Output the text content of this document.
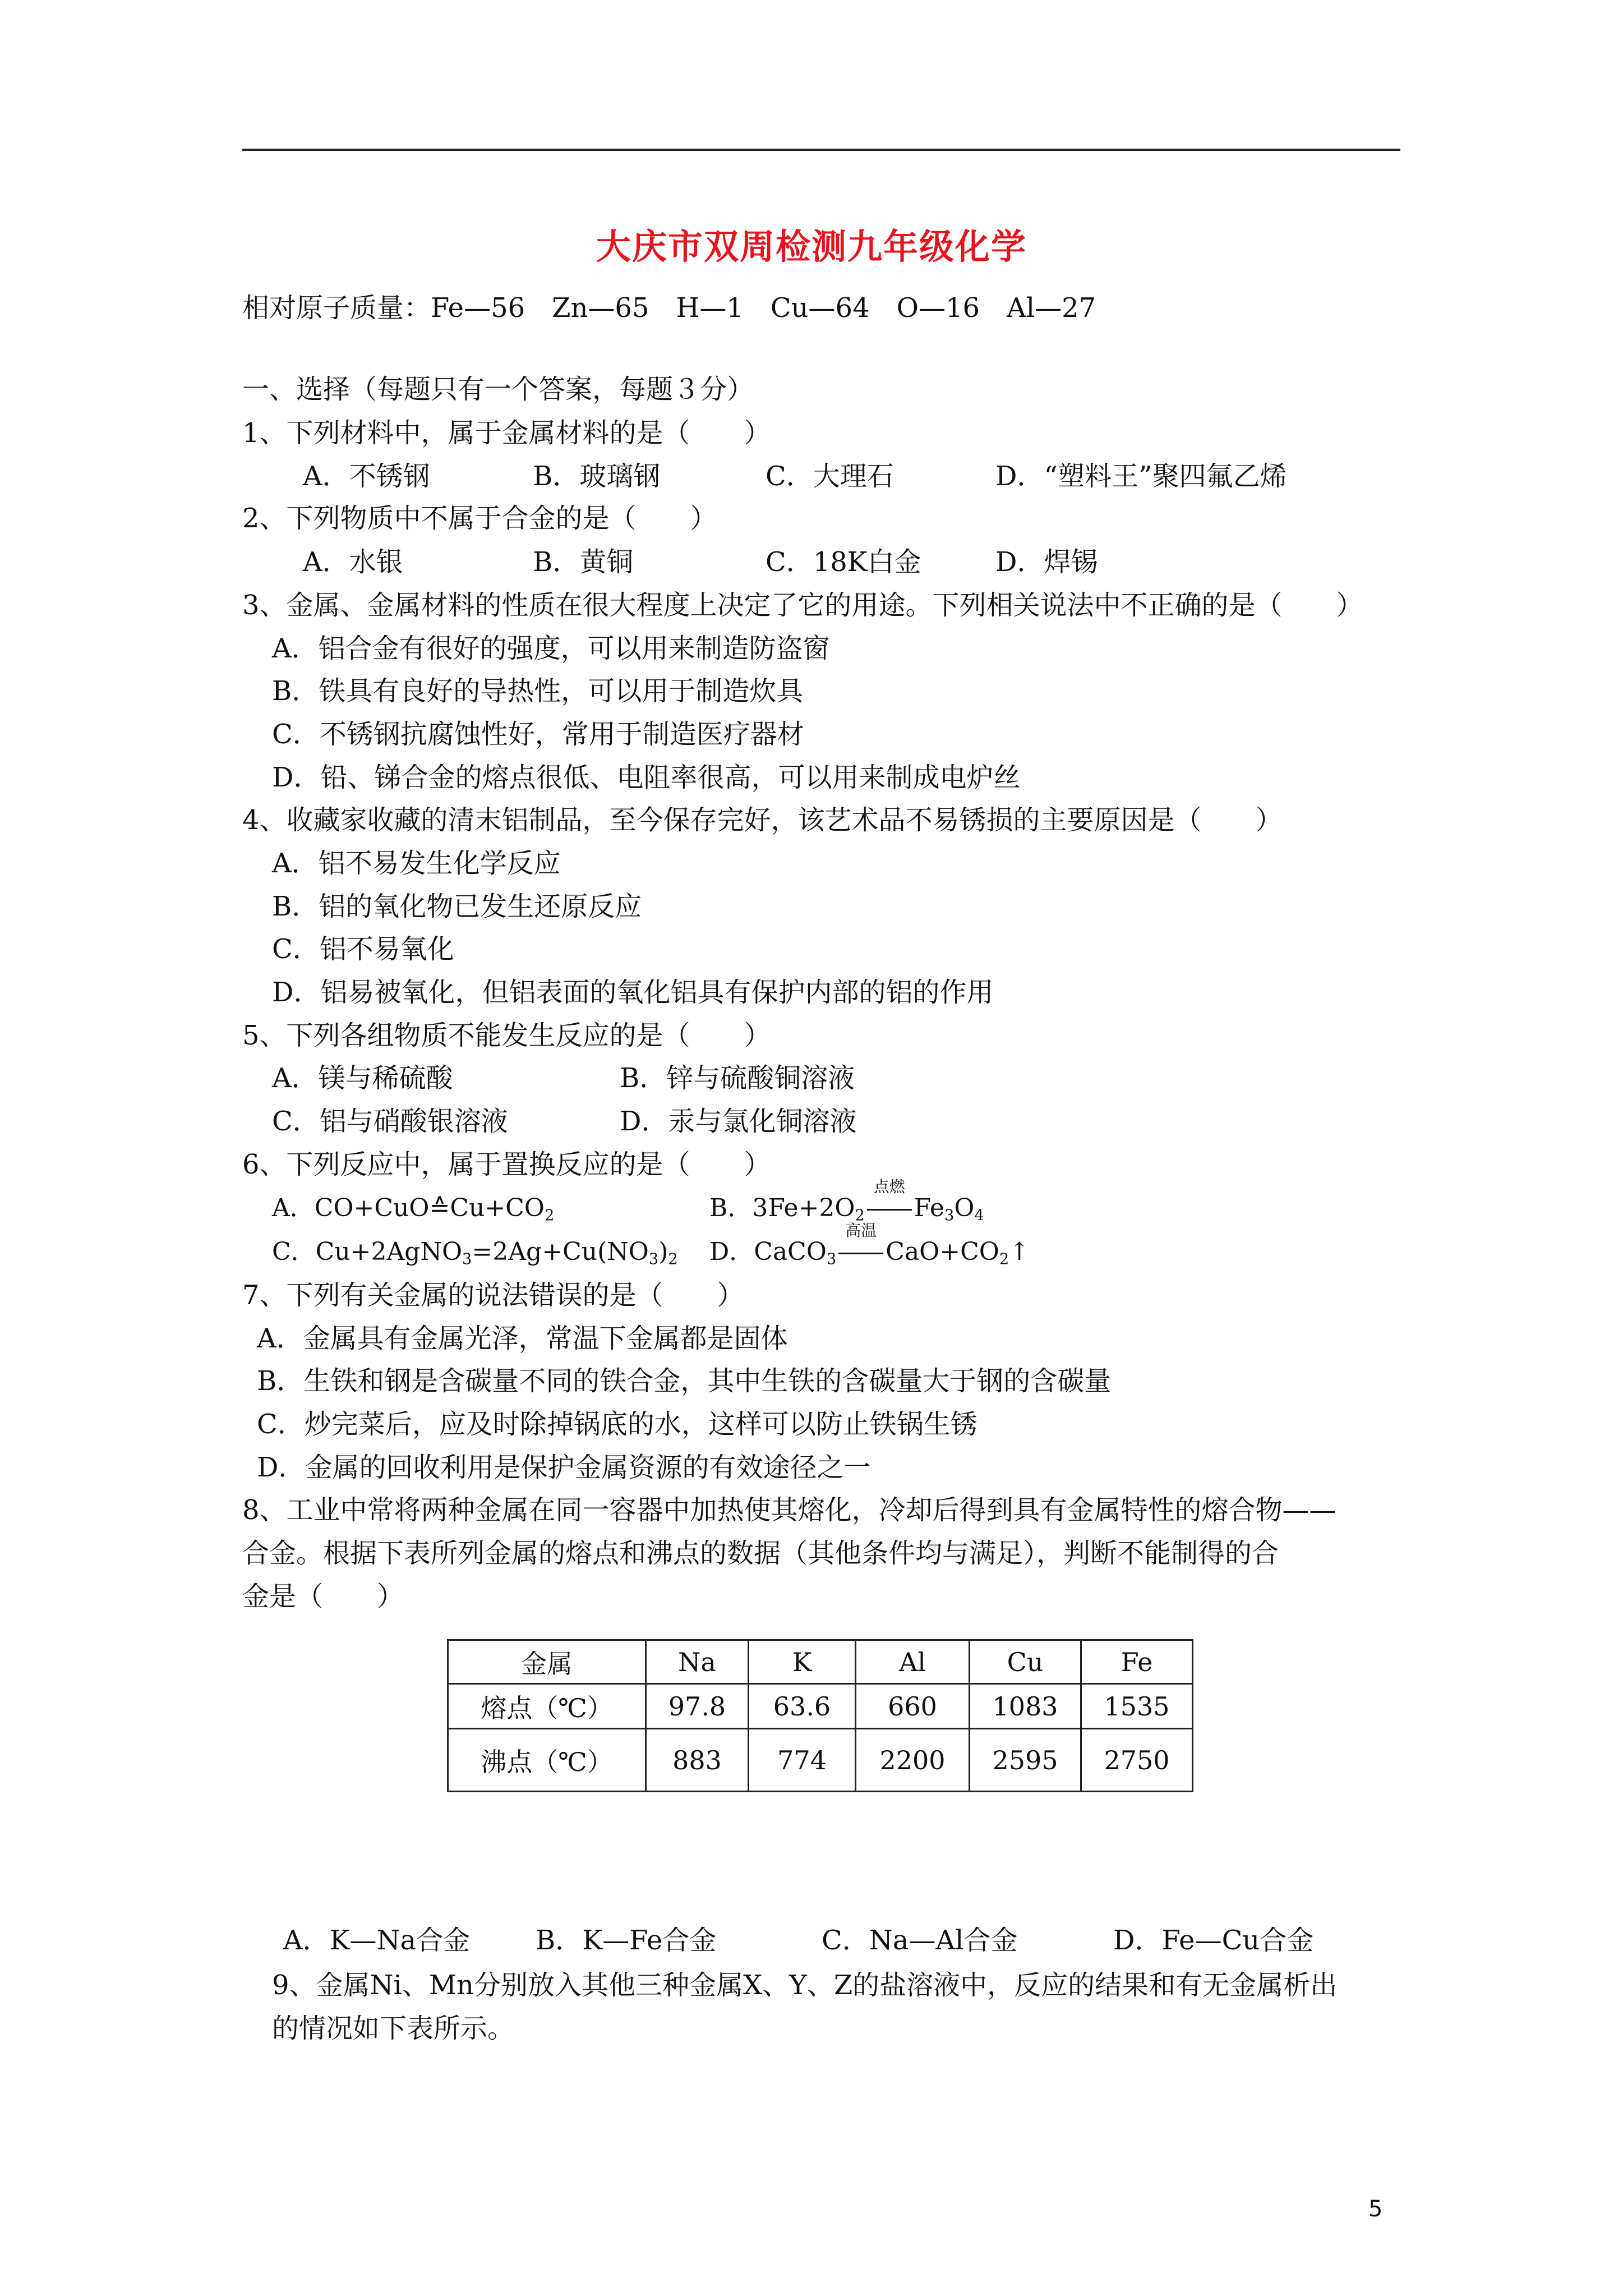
大庆市双周检测九年级化学
相对原子质量：Fe—56　Zn—65　H—1　Cu—64　O—16　Al—27
一、选择（每题只有一个答案，每题３分）
1、下列材料中，属于金属材料的是（　　）
A．不锈钢	B．玻璃钢	C．大理石	D．“塑料王”聚四氟乙烯
2、下列物质中不属于合金的是（　　）
A．水银	B．黄铜	C．18K白金	D．焊锡
3、金属、金属材料的性质在很大程度上决定了它的用途。下列相关说法中不正确的是（　　）
A．铝合金有很好的强度，可以用来制造防盗窗
B．铁具有良好的导热性，可以用于制造炊具
C．不锈钢抗腐蚀性好，常用于制造医疗器材
D．铅、锑合金的熔点很低、电阻率很高，可以用来制成电炉丝
4、收藏家收藏的清末铝制品，至今保存完好，该艺术品不易锈损的主要原因是（　　）
A．铝不易发生化学反应
B．铝的氧化物已发生还原反应
C．铝不易氧化
D．铝易被氧化，但铝表面的氧化铝具有保护内部的铝的作用
5、下列各组物质不能发生反应的是（　　）
A．镁与稀硫酸	B．锌与硫酸铜溶液
C．铝与硝酸银溶液	D．汞与氯化铜溶液
6、下列反应中，属于置换反应的是（　　）
A．$CO+CuO≙Cu+CO_2$	B．$3Fe+2O_2$
点燃
$Fe_3O_4$
C．$Cu+2AgNO_3=2Ag+Cu(NO_3)_2$ D．CaCO$_3$
高温
$CaO+CO_2↑$
7、下列有关金属的说法错误的是（　　）
A．金属具有金属光泽，常温下金属都是固体
B．生铁和钢是含碳量不同的铁合金，其中生铁的含碳量大于钢的含碳量
C．炒完菜后，应及时除掉锅底的水，这样可以防止铁锅生锈
D．金属的回收利用是保护金属资源的有效途径之一
8、工业中常将两种金属在同一容器中加热使其熔化，冷却后得到具有金属特性的熔合物——
合金。根据下表所列金属的熔点和沸点的数据（其他条件均与满足），判断不能制得的合
金是（　　）
金属	Na	K	Al	Cu	Fe
熔点（℃）	97.8	63.6	660	1083	1535
沸点（℃）	883	774	2200	2595	2750
A．K—Na合金 B．K—Fe合金	C．Na—Al合金	D．Fe—Cu合金
9、金属Ni、Mn分别放入其他三种金属X、Y、Z的盐溶液中，反应的结果和有无金属析出
的情况如下表所示。
5
